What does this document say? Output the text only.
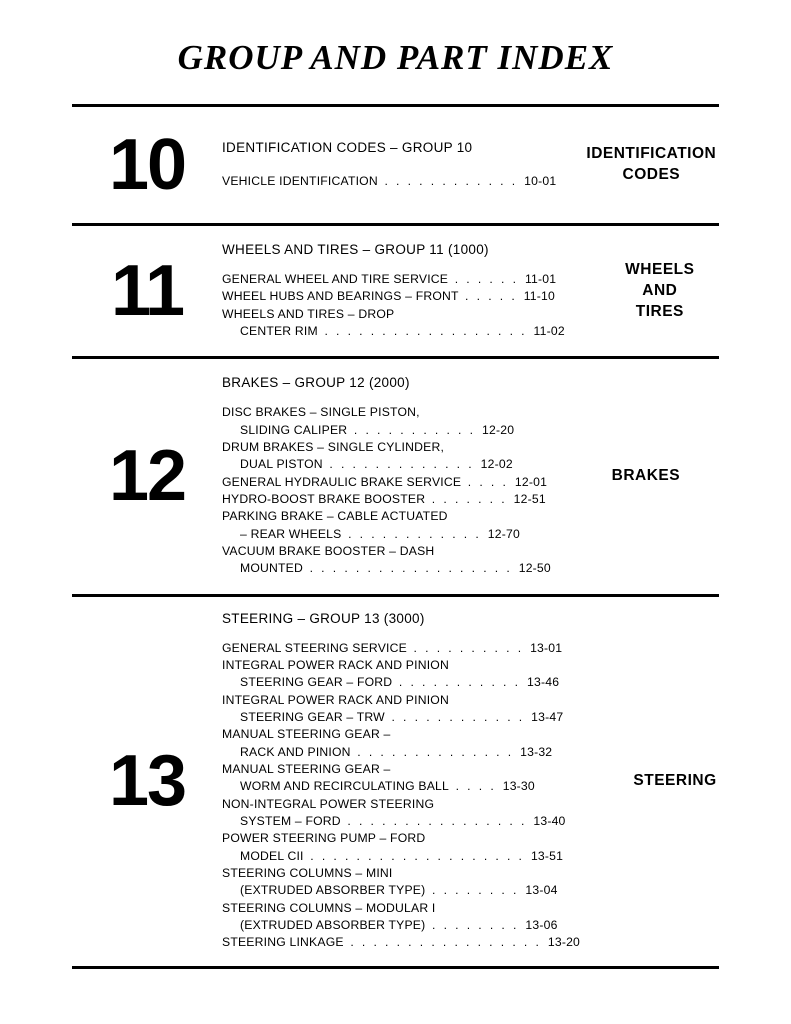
GROUP AND PART INDEX
10	IDENTIFICATION CODES – GROUP 10
VEHICLE IDENTIFICATION . . . . . . . . . . . . 10-01
IDENTIFICATION
CODES
11
WHEELS AND TIRES – GROUP 11 (1000)
GENERAL WHEEL AND TIRE SERVICE . . . . . . 11-01
WHEEL HUBS AND BEARINGS – FRONT . . . . . 11-10
WHEELS AND TIRES – DROP
CENTER RIM . . . . . . . . . . . . . . . . . . 11-02
WHEELS
AND
TIRES
12
BRAKES – GROUP 12 (2000)
DISC BRAKES – SINGLE PISTON,
SLIDING CALIPER . . . . . . . . . . . 12-20
DRUM BRAKES – SINGLE CYLINDER,
DUAL PISTON . . . . . . . . . . . . . 12-02
GENERAL HYDRAULIC BRAKE SERVICE . . . . 12-01
HYDRO-BOOST BRAKE BOOSTER . . . . . . . 12-51
PARKING BRAKE – CABLE ACTUATED
– REAR WHEELS . . . . . . . . . . . . 12-70
VACUUM BRAKE BOOSTER – DASH
MOUNTED . . . . . . . . . . . . . . . . . . 12-50
BRAKES
13
STEERING – GROUP 13 (3000)
GENERAL STEERING SERVICE . . . . . . . . . . 13-01
INTEGRAL POWER RACK AND PINION
STEERING GEAR – FORD . . . . . . . . . . . 13-46
INTEGRAL POWER RACK AND PINION
STEERING GEAR – TRW . . . . . . . . . . . . 13-47
MANUAL STEERING GEAR –
RACK AND PINION . . . . . . . . . . . . . . 13-32
MANUAL STEERING GEAR –
WORM AND RECIRCULATING BALL . . . . 13-30
NON-INTEGRAL POWER STEERING
SYSTEM – FORD . . . . . . . . . . . . . . . . 13-40
POWER STEERING PUMP – FORD
MODEL CII . . . . . . . . . . . . . . . . . . . 13-51
STEERING COLUMNS – MINI
(EXTRUDED ABSORBER TYPE) . . . . . . . . 13-04
STEERING COLUMNS – MODULAR I
(EXTRUDED ABSORBER TYPE) . . . . . . . . 13-06
STEERING LINKAGE . . . . . . . . . . . . . . . . . 13-20
STEERING
